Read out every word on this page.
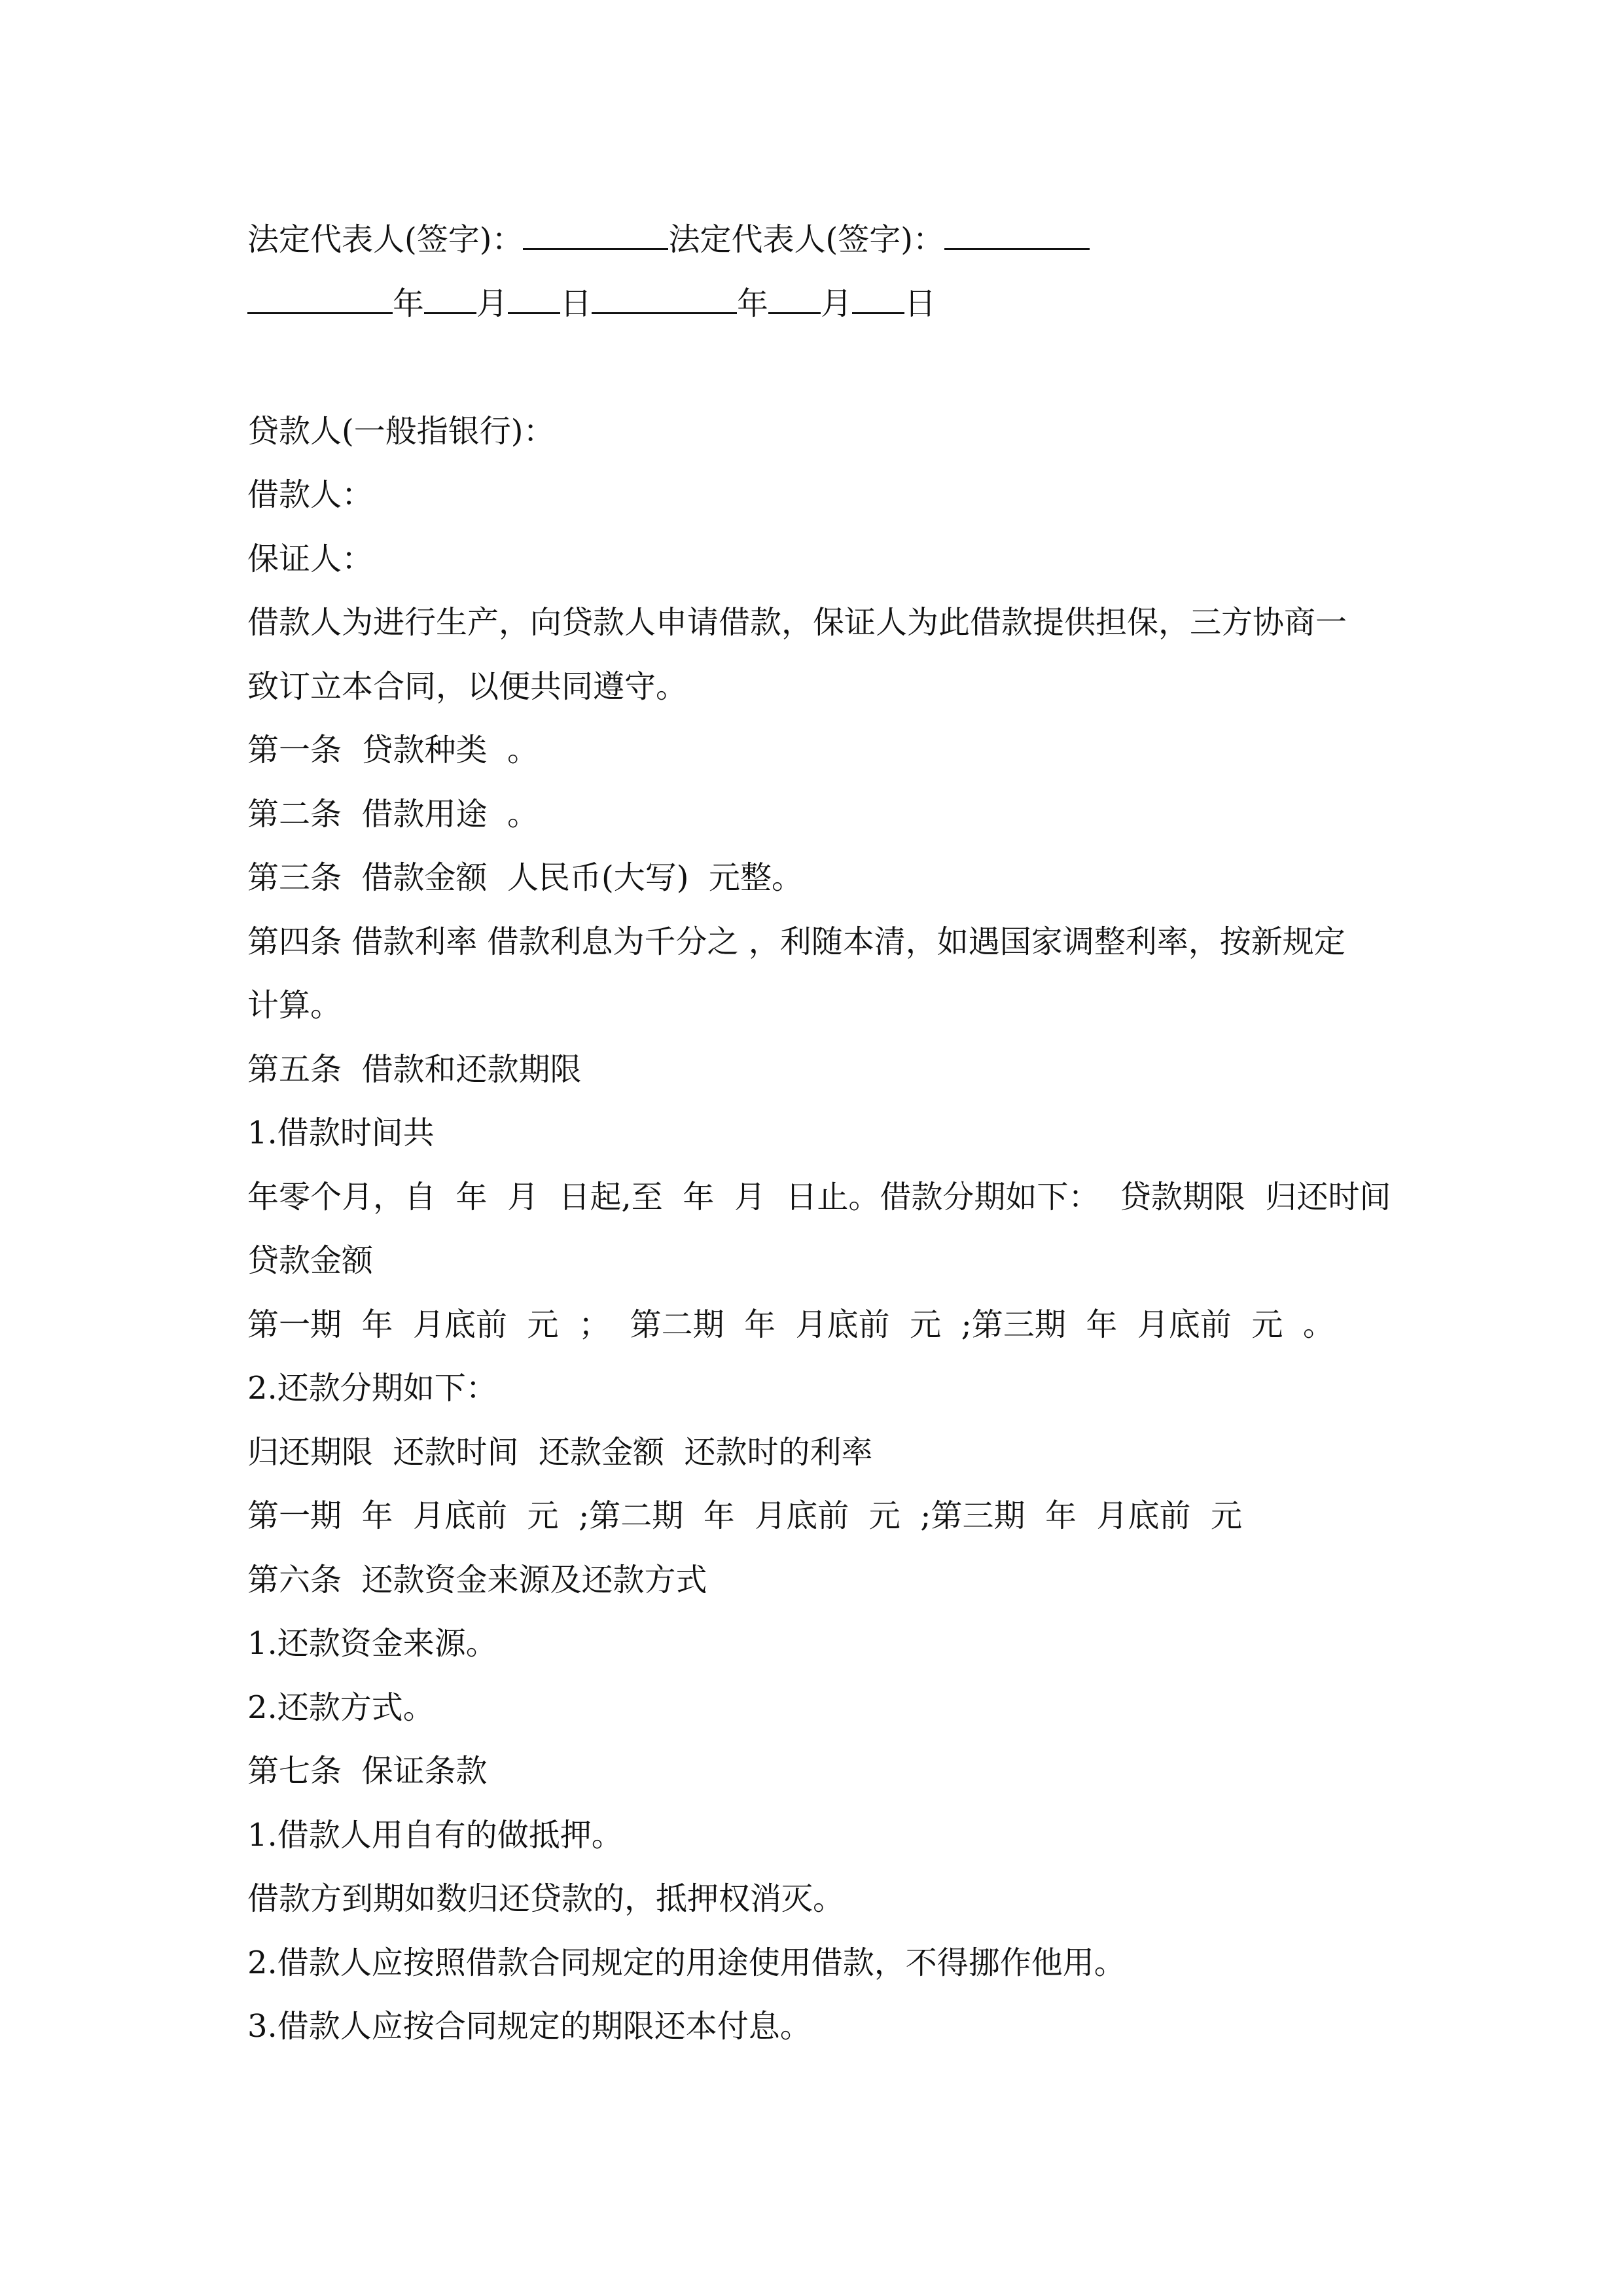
法定代表人(签字)：	法定代表人(签字)：
年 月 日	年 月 日
贷款人(一般指银行)：
借款人：
保证人：
借款人为进行生产，向贷款人申请借款，保证人为此借款提供担保，三方协商一
致订立本合同，以便共同遵守。
第一条  贷款种类  。
第二条  借款用途  。
第三条  借款金额  人民币(大写)  元整。
第四条 借款利率 借款利息为千分之 ，利随本清，如遇国家调整利率，按新规定
计算。
第五条  借款和还款期限
1.借款时间共
年零个月，自  年  月  日起,至  年  月  日止。借款分期如下：  贷款期限  归还时间
贷款金额
第一期  年  月底前  元  ；  第二期  年  月底前  元  ;第三期  年  月底前  元  。
2.还款分期如下：
归还期限  还款时间  还款金额  还款时的利率
第一期  年  月底前  元  ;第二期  年  月底前  元  ;第三期  年  月底前  元
第六条  还款资金来源及还款方式
1.还款资金来源。
2.还款方式。
第七条  保证条款
1.借款人用自有的做抵押。
借款方到期如数归还贷款的，抵押权消灭。
2.借款人应按照借款合同规定的用途使用借款，不得挪作他用。
3.借款人应按合同规定的期限还本付息。
